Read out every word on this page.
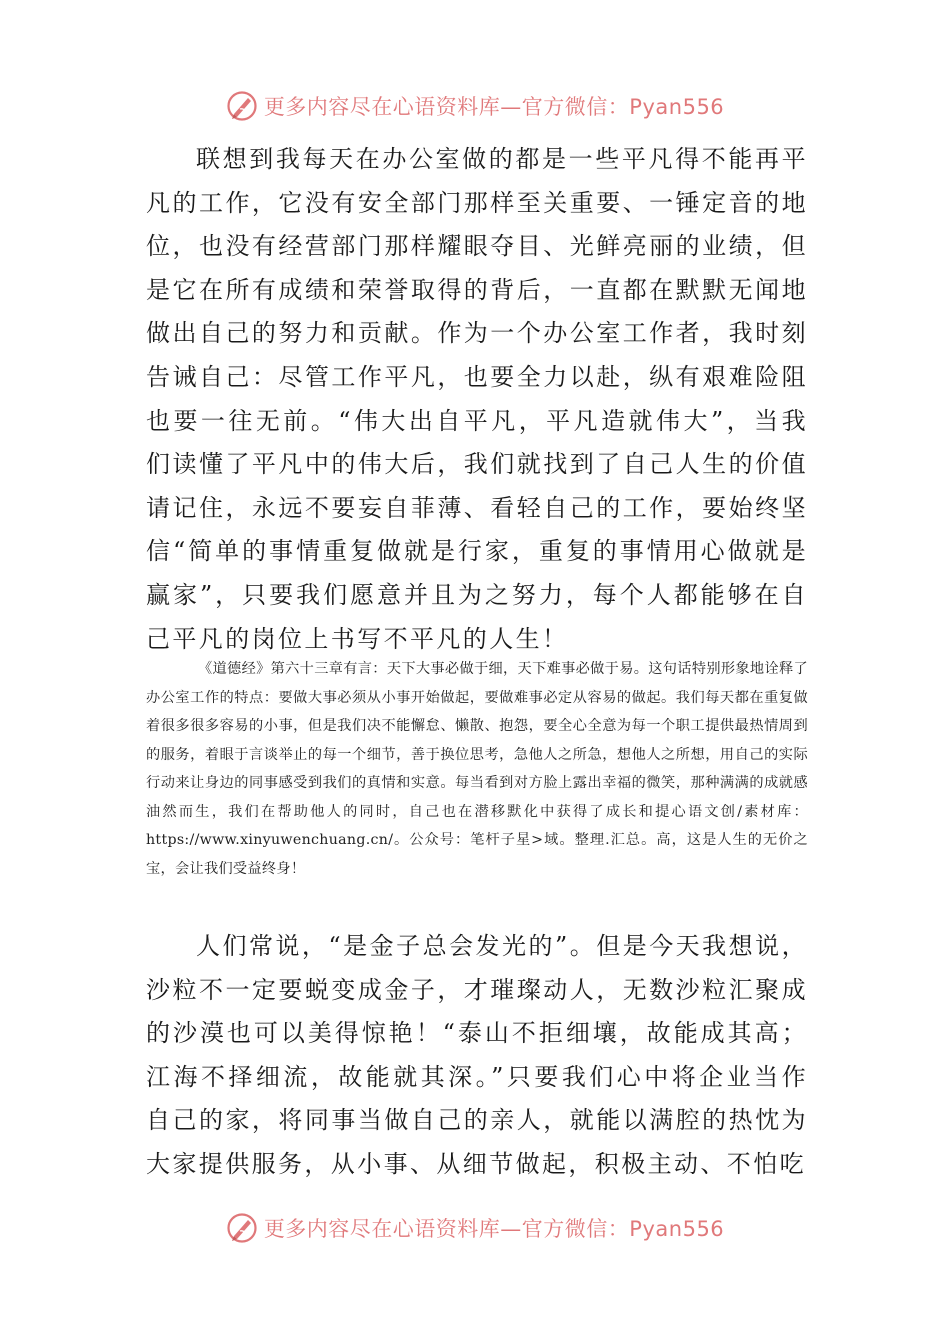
更多内容尽在心语资料库—官方微信：Pyan556

联想到我每天在办公室做的都是一些平凡得不能再平凡的工作，它没有安全部门那样至关重要、一锤定音的地位，也没有经营部门那样耀眼夺目、光鲜亮丽的业绩，但是它在所有成绩和荣誉取得的背后，一直都在默默无闻地做出自己的努力和贡献。作为一个办公室工作者，我时刻告诫自己：尽管工作平凡，也要全力以赴，纵有艰难险阻也要一往无前。“伟大出自平凡，平凡造就伟大”，当我们读懂了平凡中的伟大后，我们就找到了自己人生的价值请记住，永远不要妄自菲薄、看轻自己的工作，要始终坚信“简单的事情重复做就是行家，重复的事情用心做就是赢家”，只要我们愿意并且为之努力，每个人都能够在自己平凡的岗位上书写不平凡的人生！

《道德经》第六十三章有言：天下大事必做于细，天下难事必做于易。这句话特别形象地诠释了办公室工作的特点：要做大事必须从小事开始做起，要做难事必定从容易的做起。我们每天都在重复做着很多很多容易的小事，但是我们决不能懈怠、懒散、抱怨，要全心全意为每一个职工提供最热情周到的服务，着眼于言谈举止的每一个细节，善于换位思考，急他人之所急，想他人之所想，用自己的实际行动来让身边的同事感受到我们的真情和实意。每当看到对方脸上露出幸福的微笑，那种满满的成就感油然而生，我们在帮助他人的同时，自己也在潜移默化中获得了成长和提心语文创/素材库：https://www.xinyuwenchuang.cn/。公众号：笔杆子星>域。整理.汇总。高，这是人生的无价之宝，会让我们受益终身！

人们常说，“是金子总会发光的”。但是今天我想说，沙粒不一定要蜕变成金子，才璀璨动人，无数沙粒汇聚成的沙漠也可以美得惊艳！“泰山不拒细壤，故能成其高；江海不择细流，故能就其深。”只要我们心中将企业当作自己的家，将同事当做自己的亲人，就能以满腔的热忱为大家提供服务，从小事、从细节做起，积极主动、不怕吃

更多内容尽在心语资料库—官方微信：Pyan556
